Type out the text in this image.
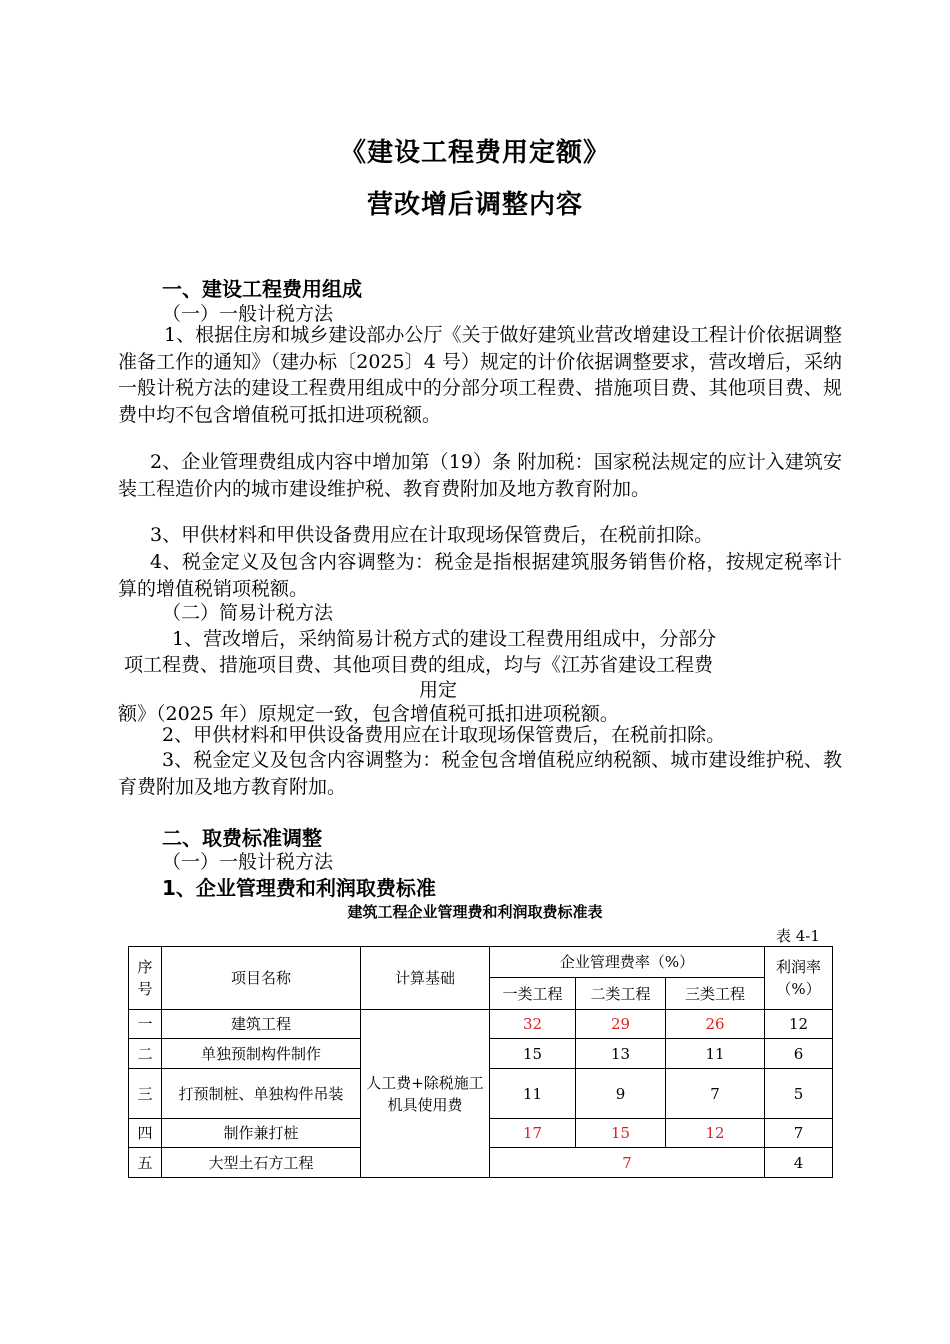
《建设工程费用定额》
营改增后调整内容
一、建设工程费用组成
（一）一般计税方法
1、根据住房和城乡建设部办公厅《关于做好建筑业营改增建设工程计价依据调整准备工作的通知》（建办标〔2025〕4 号）规定的计价依据调整要求，营改增后，采纳一般计税方法的建设工程费用组成中的分部分项工程费、措施项目费、其他项目费、规费中均不包含增值税可抵扣进项税额。
2、企业管理费组成内容中增加第（19）条 附加税：国家税法规定的应计入建筑安装工程造价内的城市建设维护税、教育费附加及地方教育附加。
3、甲供材料和甲供设备费用应在计取现场保管费后，在税前扣除。
4、税金定义及包含内容调整为：税金是指根据建筑服务销售价格，按规定税率计算的增值税销项税额。
（二）简易计税方法
1、营改增后，采纳简易计税方式的建设工程费用组成中，分部分
项工程费、措施项目费、其他项目费的组成，均与《江苏省建设工程费
用定
额》（2025 年）原规定一致，包含增值税可抵扣进项税额。
2、甲供材料和甲供设备费用应在计取现场保管费后，在税前扣除。
3、税金定义及包含内容调整为：税金包含增值税应纳税额、城市建设维护税、教育费附加及地方教育附加。
二、取费标准调整
（一）一般计税方法
1、企业管理费和利润取费标准
建筑工程企业管理费和利润取费标准表
表 4-1
序号	项目名称	计算基础	企业管理费率（%）			利润率（%）
			一类工程	二类工程	三类工程	
一	建筑工程	人工费+除税施工机具使用费	32	29	26	12
二	单独预制构件制作		15	13	11	6
三	打预制桩、单独构件吊装		11	9	7	5
四	制作兼打桩		17	15	12	7
五	大型土石方工程		7			4
